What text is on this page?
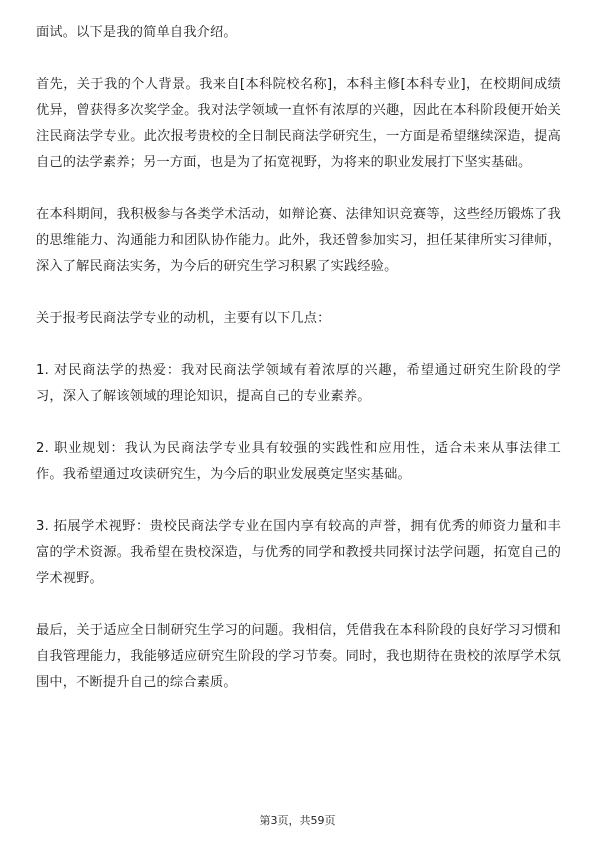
面试。以下是我的简单自我介绍。

首先，关于我的个人背景。我来自[本科院校名称]，本科主修[本科专业]，在校期间成绩优异，曾获得多次奖学金。我对法学领域一直怀有浓厚的兴趣，因此在本科阶段便开始关注民商法学专业。此次报考贵校的全日制民商法学研究生，一方面是希望继续深造，提高自己的法学素养；另一方面，也是为了拓宽视野，为将来的职业发展打下坚实基础。

在本科期间，我积极参与各类学术活动，如辩论赛、法律知识竞赛等，这些经历锻炼了我的思维能力、沟通能力和团队协作能力。此外，我还曾参加实习，担任某律所实习律师，深入了解民商法实务，为今后的研究生学习积累了实践经验。

关于报考民商法学专业的动机，主要有以下几点：

1. 对民商法学的热爱：我对民商法学领域有着浓厚的兴趣，希望通过研究生阶段的学习，深入了解该领域的理论知识，提高自己的专业素养。

2. 职业规划：我认为民商法学专业具有较强的实践性和应用性，适合未来从事法律工作。我希望通过攻读研究生，为今后的职业发展奠定坚实基础。

3. 拓展学术视野：贵校民商法学专业在国内享有较高的声誉，拥有优秀的师资力量和丰富的学术资源。我希望在贵校深造，与优秀的同学和教授共同探讨法学问题，拓宽自己的学术视野。

最后，关于适应全日制研究生学习的问题。我相信，凭借我在本科阶段的良好学习习惯和自我管理能力，我能够适应研究生阶段的学习节奏。同时，我也期待在贵校的浓厚学术氛围中，不断提升自己的综合素质。

第3页，共59页
